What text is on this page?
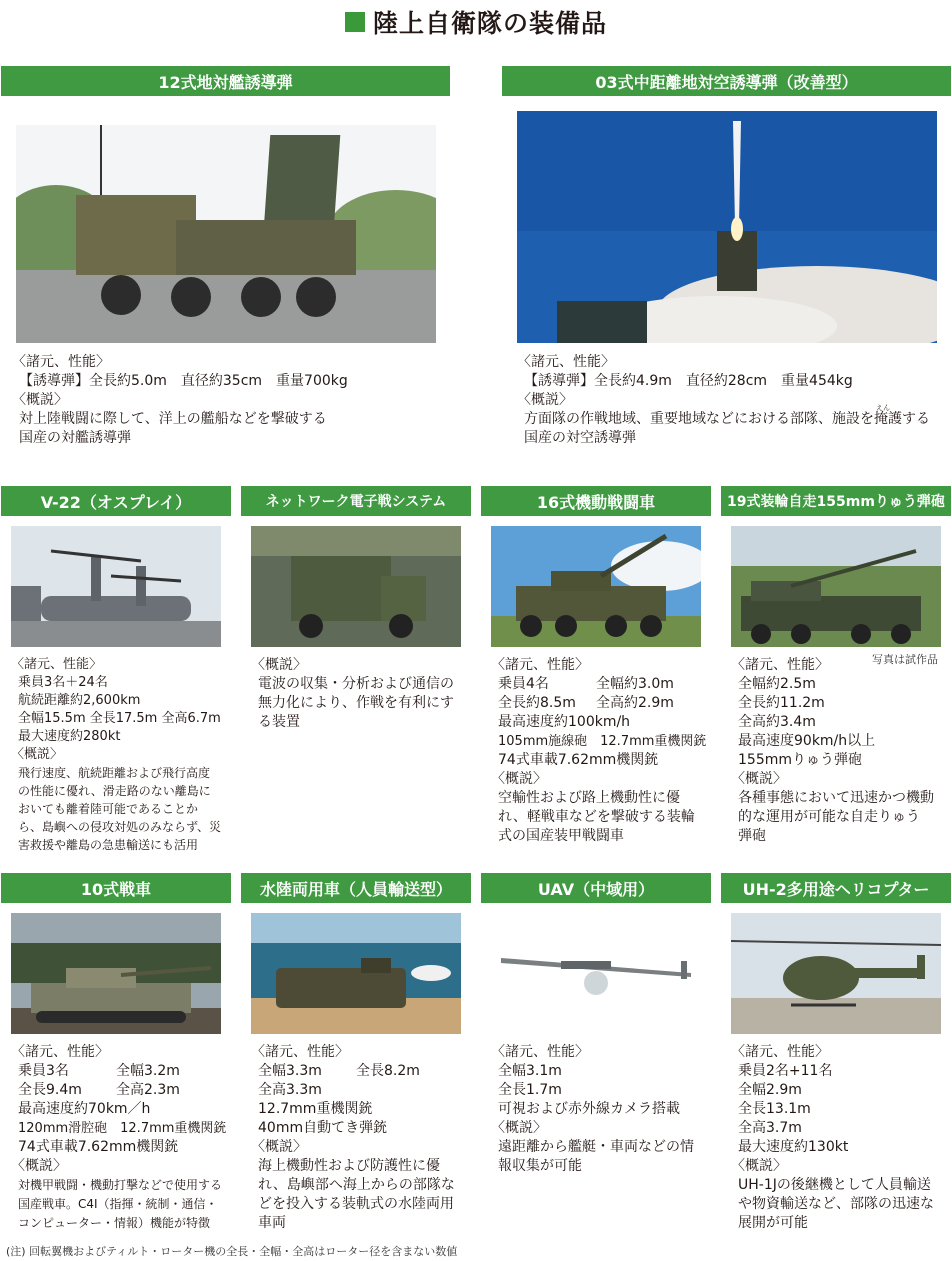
陸上自衛隊の装備品
12式地対艦誘導弾
〈諸元、性能〉
【誘導弾】全長約5.0m　直径約35cm　重量700kg
〈概説〉
対上陸戦闘に際して、洋上の艦船などを撃破する
国産の対艦誘導弾
03式中距離地対空誘導弾（改善型）
〈諸元、性能〉
【誘導弾】全長約4.9m　直径約28cm　重量454kg
〈概説〉
方面隊の作戦地域、重要地域などにおける部隊、施設を掩護する
国産の対空誘導弾
えん
V-22（オスプレイ）
〈諸元、性能〉
乗員3名＋24名
航続距離約2,600km
全幅15.5m 全長17.5m 全高6.7m
最大速度約280kt
〈概説〉
飛行速度、航続距離および飛行高度
の性能に優れ、滑走路のない離島に
おいても離着陸可能であることか
ら、島嶼への侵攻対処のみならず、災
害救援や離島の急患輸送にも活用
ネットワーク電子戦システム
〈概説〉
電波の収集・分析および通信の
無力化により、作戦を有利にす
る装置
16式機動戦闘車
〈諸元、性能〉
乗員4名	全幅約3.0m
全長約8.5m	全高約2.9m
最高速度約100km/h
105mm施線砲　12.7mm重機関銃
74式車載7.62mm機関銃
〈概説〉
空輸性および路上機動性に優
れ、軽戦車などを撃破する装輪
式の国産装甲戦闘車
19式装輪自走155mmりゅう弾砲
写真は試作品
〈諸元、性能〉
全幅約2.5m
全長約11.2m
全高約3.4m
最高速度90km/h以上
155mmりゅう弾砲
〈概説〉
各種事態において迅速かつ機動
的な運用が可能な自走りゅう
弾砲
10式戦車
〈諸元、性能〉
乗員3名	全幅3.2m
全長9.4m	全高2.3m
最高速度約70km／h
120mm滑腔砲　12.7mm重機関銃
74式車載7.62mm機関銃
〈概説〉
対機甲戦闘・機動打撃などで使用する
国産戦車。C4I（指揮・統制・通信・
コンピューター・情報）機能が特徴
水陸両用車（人員輸送型）
〈諸元、性能〉
全幅3.3m	全長8.2m
全高3.3m
12.7mm重機関銃
40mm自動てき弾銃
〈概説〉
海上機動性および防護性に優
れ、島嶼部へ海上からの部隊な
どを投入する装軌式の水陸両用
車両
UAV（中域用）
〈諸元、性能〉
全幅3.1m
全長1.7m
可視および赤外線カメラ搭載
〈概説〉
遠距離から艦艇・車両などの情
報収集が可能
UH-2多用途ヘリコプター
〈諸元、性能〉
乗員2名+11名
全幅2.9m
全長13.1m
全高3.7m
最大速度約130kt
〈概説〉
UH-1Jの後継機として人員輸送
や物資輸送など、部隊の迅速な
展開が可能
(注) 回転翼機およびティルト・ローター機の全長・全幅・全高はローター径を含まない数値
